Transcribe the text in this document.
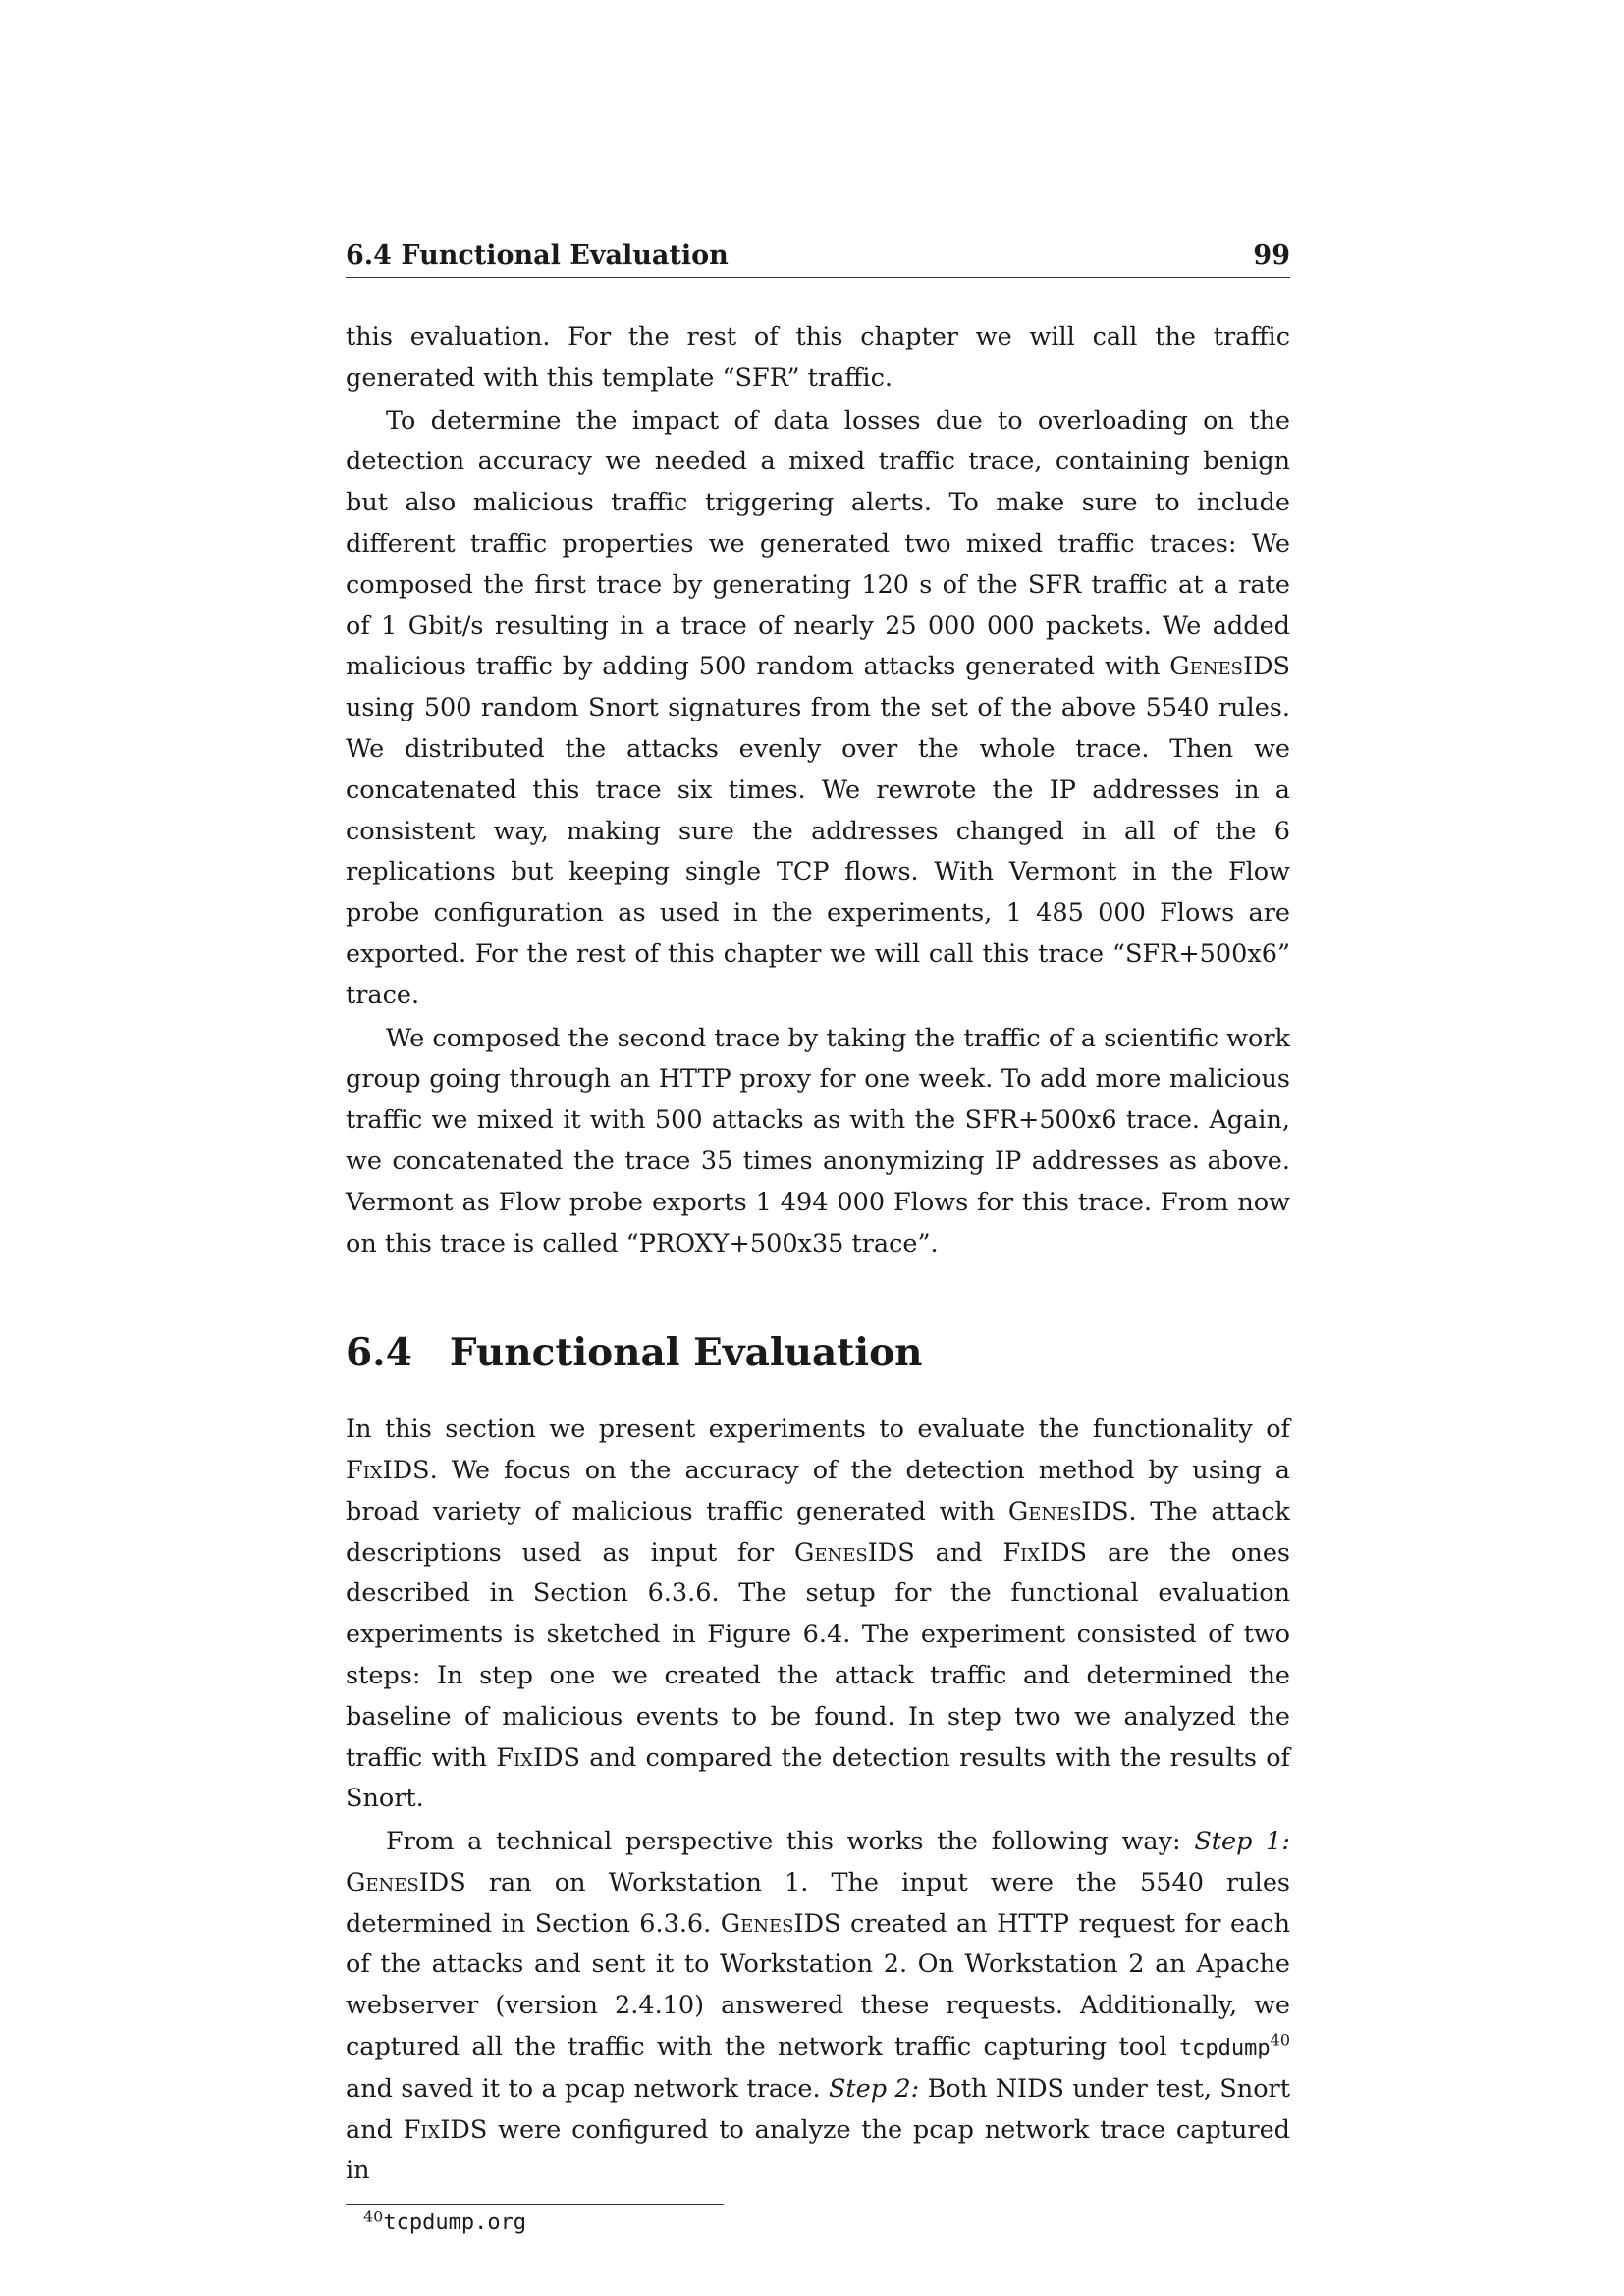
6.4 Functional Evaluation	99

this evaluation. For the rest of this chapter we will call the traffic generated with this template “SFR” traffic.

To determine the impact of data losses due to overloading on the detection accuracy we needed a mixed traffic trace, containing benign but also malicious traffic triggering alerts. To make sure to include different traffic properties we generated two mixed traffic traces: We composed the first trace by generating 120 s of the SFR traffic at a rate of 1 Gbit/s resulting in a trace of nearly 25 000 000 packets. We added malicious traffic by adding 500 random attacks generated with GenesIDS using 500 random Snort signatures from the set of the above 5540 rules. We distributed the attacks evenly over the whole trace. Then we concatenated this trace six times. We rewrote the IP addresses in a consistent way, making sure the addresses changed in all of the 6 replications but keeping single TCP flows. With Vermont in the Flow probe configuration as used in the experiments, 1 485 000 Flows are exported. For the rest of this chapter we will call this trace “SFR+500x6” trace.

We composed the second trace by taking the traffic of a scientific work group going through an HTTP proxy for one week. To add more malicious traffic we mixed it with 500 attacks as with the SFR+500x6 trace. Again, we concatenated the trace 35 times anonymizing IP addresses as above. Vermont as Flow probe exports 1 494 000 Flows for this trace. From now on this trace is called “PROXY+500x35 trace”.

6.4 Functional Evaluation

In this section we present experiments to evaluate the functionality of FixIDS. We focus on the accuracy of the detection method by using a broad variety of malicious traffic generated with GenesIDS. The attack descriptions used as input for GenesIDS and FixIDS are the ones described in Section 6.3.6. The setup for the functional evaluation experiments is sketched in Figure 6.4. The experiment consisted of two steps: In step one we created the attack traffic and determined the baseline of malicious events to be found. In step two we analyzed the traffic with FixIDS and compared the detection results with the results of Snort.

From a technical perspective this works the following way: Step 1: GenesIDS ran on Workstation 1. The input were the 5540 rules determined in Section 6.3.6. GenesIDS created an HTTP request for each of the attacks and sent it to Workstation 2. On Workstation 2 an Apache webserver (version 2.4.10) answered these requests. Additionally, we captured all the traffic with the network traffic capturing tool tcpdump$^{40}$ and saved it to a pcap network trace. Step 2: Both NIDS under test, Snort and FixIDS were configured to analyze the pcap network trace captured in

$^{40}$tcpdump.org
